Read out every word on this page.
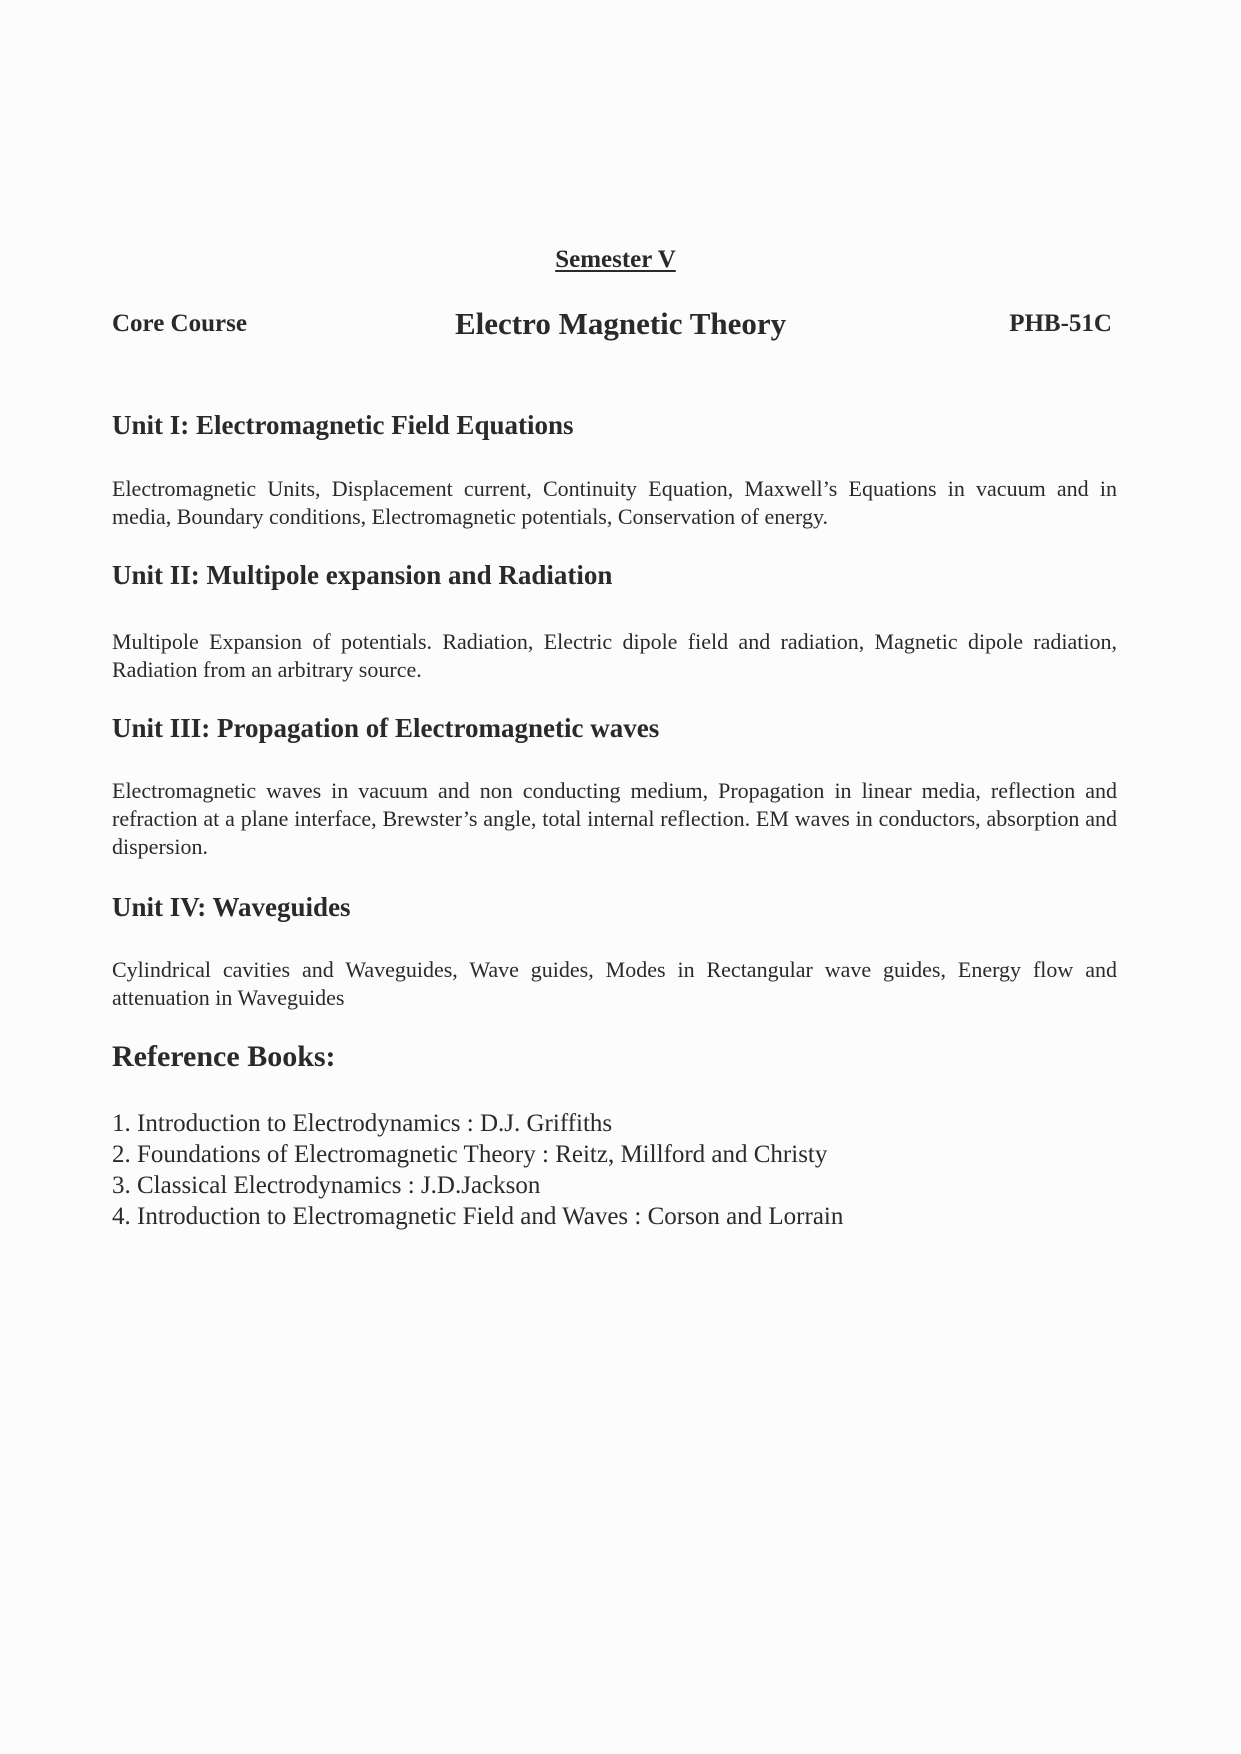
Semester V
Core Course	Electro Magnetic Theory	PHB-51C
Unit I: Electromagnetic Field Equations

Electromagnetic Units, Displacement current, Continuity Equation, Maxwell’s Equations in vacuum and in media, Boundary conditions, Electromagnetic potentials, Conservation of energy.

Unit II: Multipole expansion and Radiation

Multipole Expansion of potentials. Radiation, Electric dipole field and radiation, Magnetic dipole radiation, Radiation from an arbitrary source.

Unit III: Propagation of Electromagnetic waves

Electromagnetic waves in vacuum and non conducting medium, Propagation in linear media, reflection and refraction at a plane interface, Brewster’s angle, total internal reflection. EM waves in conductors, absorption and dispersion.

Unit IV: Waveguides

Cylindrical cavities and Waveguides, Wave guides, Modes in Rectangular wave guides, Energy flow and attenuation in Waveguides

Reference Books:
1. Introduction to Electrodynamics : D.J. Griffiths
2. Foundations of Electromagnetic Theory : Reitz, Millford and Christy
3. Classical Electrodynamics : J.D.Jackson
4. Introduction to Electromagnetic Field and Waves : Corson and Lorrain
